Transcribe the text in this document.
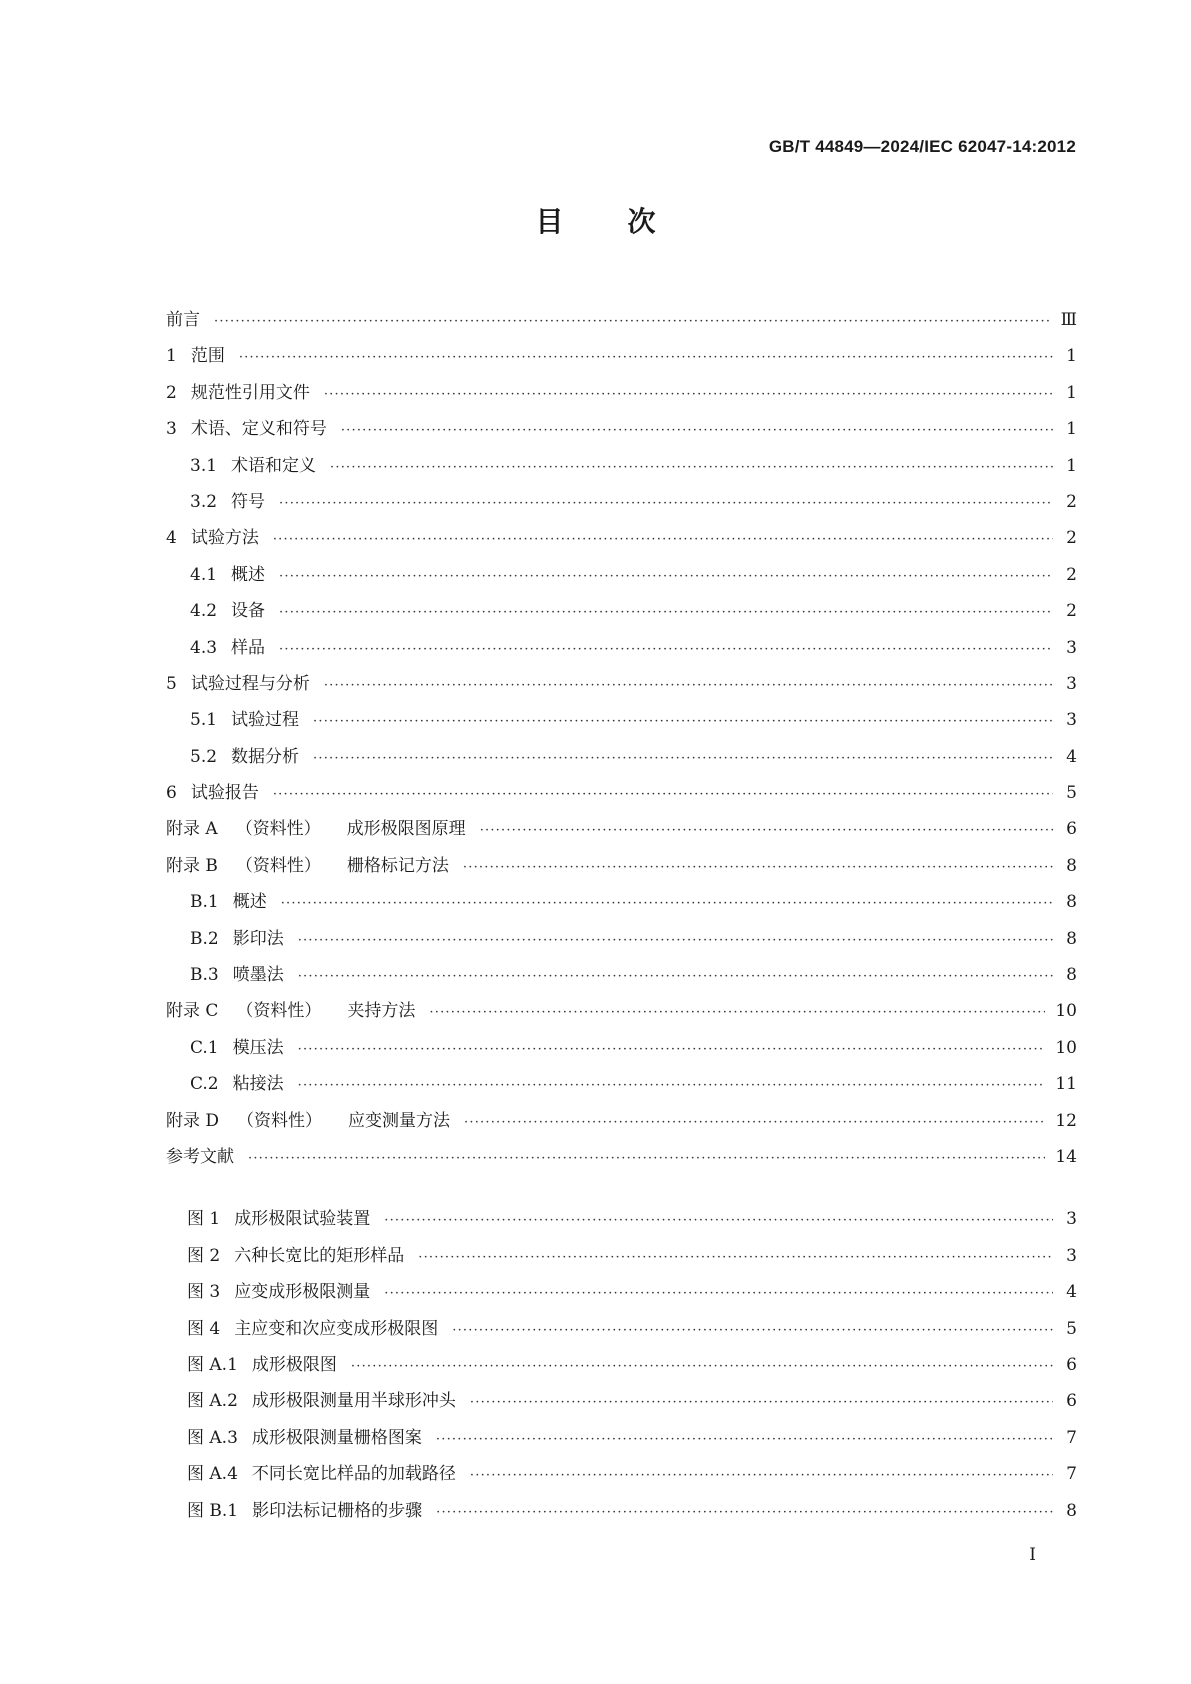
GB/T 44849—2024/IEC 62047-14:2012
目 次
前言 ·····	Ⅲ
1 范围 ·····	1
2 规范性引用文件 ·····	1
3 术语、定义和符号 ·····	1
3.1 术语和定义 ·····	1
3.2 符号 ·····	2
4 试验方法 ·····	2
4.1 概述 ·····	2
4.2 设备 ·····	2
4.3 样品 ·····	3
5 试验过程与分析 ·····	3
5.1 试验过程 ·····	3
5.2 数据分析 ·····	4
6 试验报告 ·····	5
附录 A （资料性） 成形极限图原理 ·····	6
附录 B （资料性） 栅格标记方法 ·····	8
B.1 概述 ·····	8
B.2 影印法 ·····	8
B.3 喷墨法 ·····	8
附录 C （资料性） 夹持方法 ·····	10
C.1 模压法 ·····	10
C.2 粘接法 ·····	11
附录 D （资料性） 应变测量方法 ·····	12
参考文献 ·····	14
图 1 成形极限试验装置 ·····	3
图 2 六种长宽比的矩形样品 ·····	3
图 3 应变成形极限测量 ·····	4
图 4 主应变和次应变成形极限图 ·····	5
图 A.1 成形极限图 ·····	6
图 A.2 成形极限测量用半球形冲头 ·····	6
图 A.3 成形极限测量栅格图案 ·····	7
图 A.4 不同长宽比样品的加载路径 ·····	7
图 B.1 影印法标记栅格的步骤 ·····	8
Ⅰ
